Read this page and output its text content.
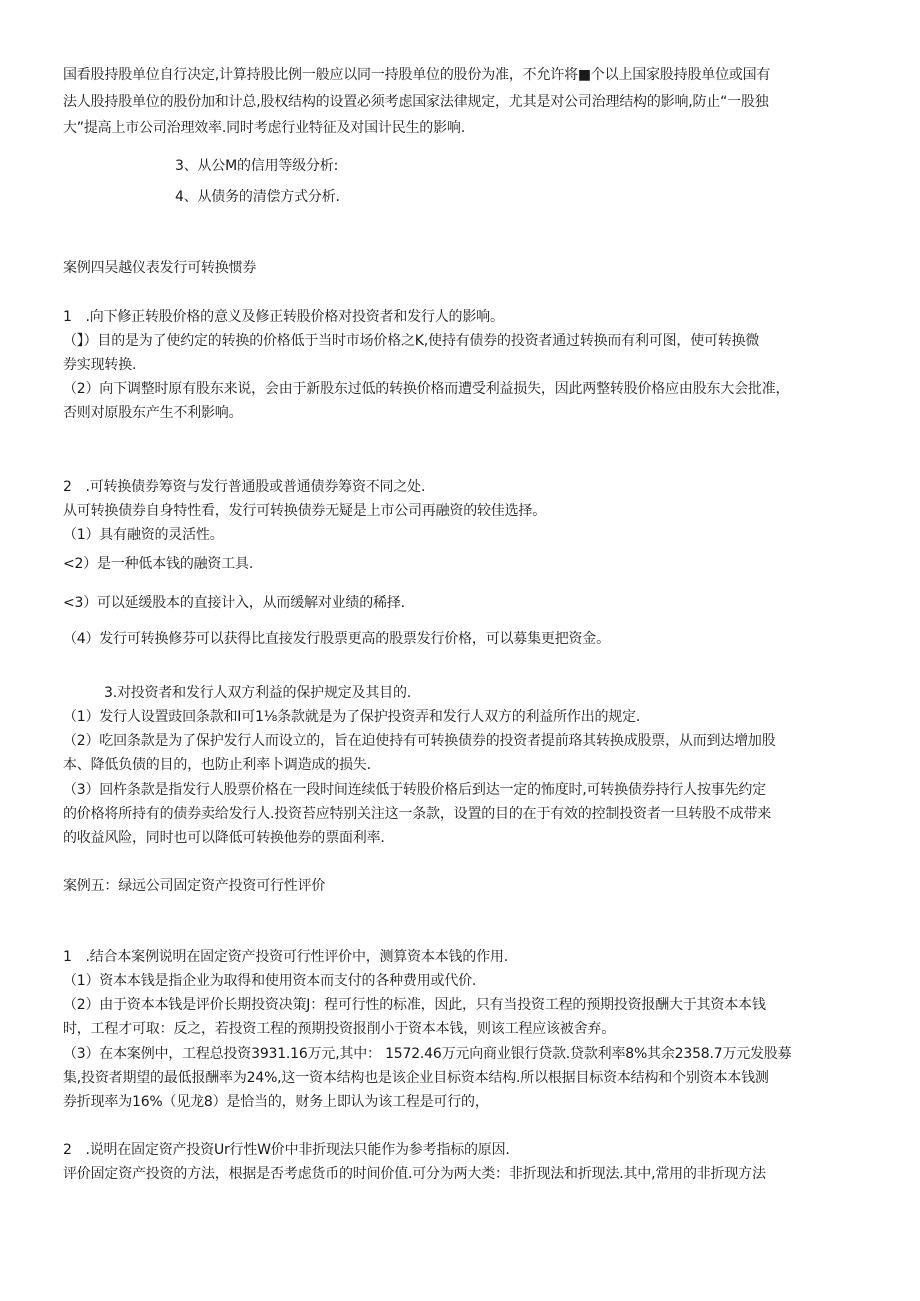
国看股持股单位自行决定,计算持股比例一般应以同一持股单位的股份为准，不允许将■个以上国家股持股单位或国有
法人股持股单位的股份加和计总,股权结构的设置必须考虑国家法律规定，尤其是对公司治理结构的影响,防止“一股独
大”提高上市公司治理效率.同时考虑行业特征及对国计民生的影响.
3、从公M的信用等级分析:
4、从债务的清偿方式分析.
案例四吴越仪表发行可转换惯券
1　.向下修正转股价格的意义及修正转股价格对投资者和发行人的影响。
（】）目的是为了使约定的转换的价格低于当时市场价格之K,使持有债券的投资者通过转换而有利可图，使可转换微
券实现转换.
（2）向下调整时原有股东来说，会由于新股东过低的转换价格而遭受利益损失，因此两整转股价格应由股东大会批准，
否则对原股东产生不利影响。
2　.可转换债券筹资与发行普通股或普通债券筹资不同之处.
从可转换债券自身特性看，发行可转换债券无疑是上市公司再融资的较佳选择。
（1）具有融资的灵活性。
<2）是一种低本钱的融资工具.
<3）可以延缓股本的直接计入，从而缓解对业绩的稀择.
（4）发行可转换修芬可以获得比直接发行股票更高的股票发行价格，可以募集更把资金。
3.对投资者和发行人双方利益的保护规定及其目的.
（1）发行人设置豉回条款和I可1⅛条款就是为了保护投资弄和发行人双方的利益所作出的规定.
（2）吃回条款是为了保护发行人而设立的，旨在迫使持有可转换债券的投资者提前珞其转换成股票，从而到达增加股
本、降低负债的目的，也防止利率卜调造成的损失.
（3）回杵条款是指发行人股票价格在一段时间连续低于转股价格后到达一定的怖度时,可转换债券持行人按事先约定
的价格将所持有的债券卖给发行人.投资苔应特别关注这一条款，设置的目的在于有效的控制投资者一旦转股不成带来
的收益风险，同时也可以降低可转换他券的票面利率.
案例五：绿远公司固定资产投资可行性评价
1　.结合本案例说明在固定资产投资可行性评价中，测算资本本钱的作用.
（1）资本本钱是指企业为取得和使用资本而支付的各种费用或代价.
（2）由于资本本钱是评价长期投资决策J：程可行性的标准，因此，只有当投资工程的预期投资报酬大于其资本本钱
时，工程才可取：反之，若投资工程的预期投资报削小于资本本钱，则该工程应该被舍弃。
（3）在本案例中，工程总投资3931.16万元,其中： 1572.46万元向商业银行贷款.贷款利率8%其余2358.7万元发股募
集,投资者期望的最低报酬率为24%,这一资本结构也是该企业目标资本结构.所以根据目标资本结构和个别资本本钱测
券折现率为16%（见龙8）是恰当的，财务上即认为该工程是可行的，
2　.说明在固定资产投资Ur行性W价中非折现法只能作为参考指标的原因.
评价固定资产投资的方法，根据是否考虑货币的时间价值.可分为两大类：非折现法和折现法.其中,常用的非折现方法
